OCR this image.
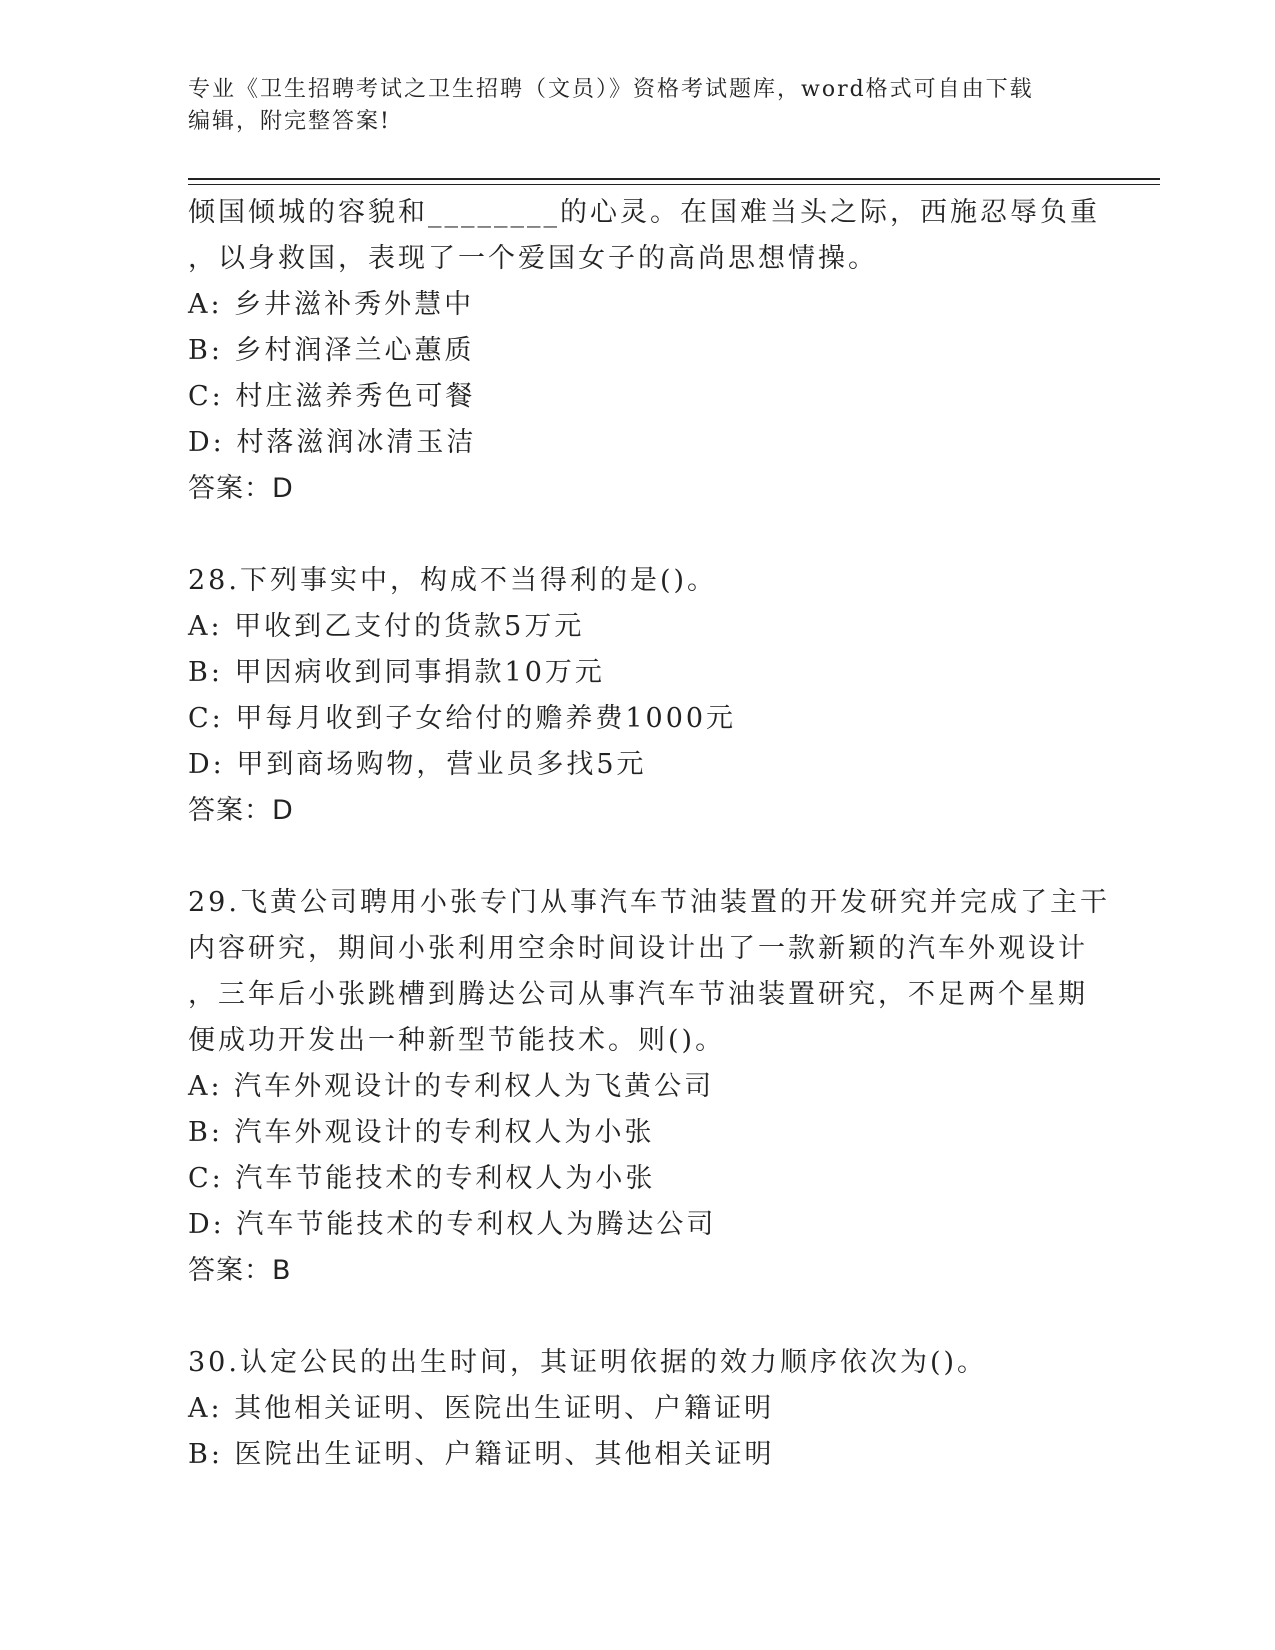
专业《卫生招聘考试之卫生招聘（文员）》资格考试题库，word格式可自由下载
编辑，附完整答案!
倾国倾城的容貌和________的心灵。在国难当头之际，西施忍辱负重
，以身救国，表现了一个爱国女子的高尚思想情操。
A: 乡井滋补秀外慧中
B: 乡村润泽兰心蕙质
C: 村庄滋养秀色可餐
D: 村落滋润冰清玉洁
答案：D
28.下列事实中，构成不当得利的是()。
A: 甲收到乙支付的货款5万元
B: 甲因病收到同事捐款10万元
C: 甲每月收到子女给付的赡养费1000元
D: 甲到商场购物，营业员多找5元
答案：D
29.飞黄公司聘用小张专门从事汽车节油装置的开发研究并完成了主干
内容研究，期间小张利用空余时间设计出了一款新颖的汽车外观设计
，三年后小张跳槽到腾达公司从事汽车节油装置研究，不足两个星期
便成功开发出一种新型节能技术。则()。
A: 汽车外观设计的专利权人为飞黄公司
B: 汽车外观设计的专利权人为小张
C: 汽车节能技术的专利权人为小张
D: 汽车节能技术的专利权人为腾达公司
答案：B
30.认定公民的出生时间，其证明依据的效力顺序依次为()。
A: 其他相关证明、医院出生证明、户籍证明
B: 医院出生证明、户籍证明、其他相关证明
